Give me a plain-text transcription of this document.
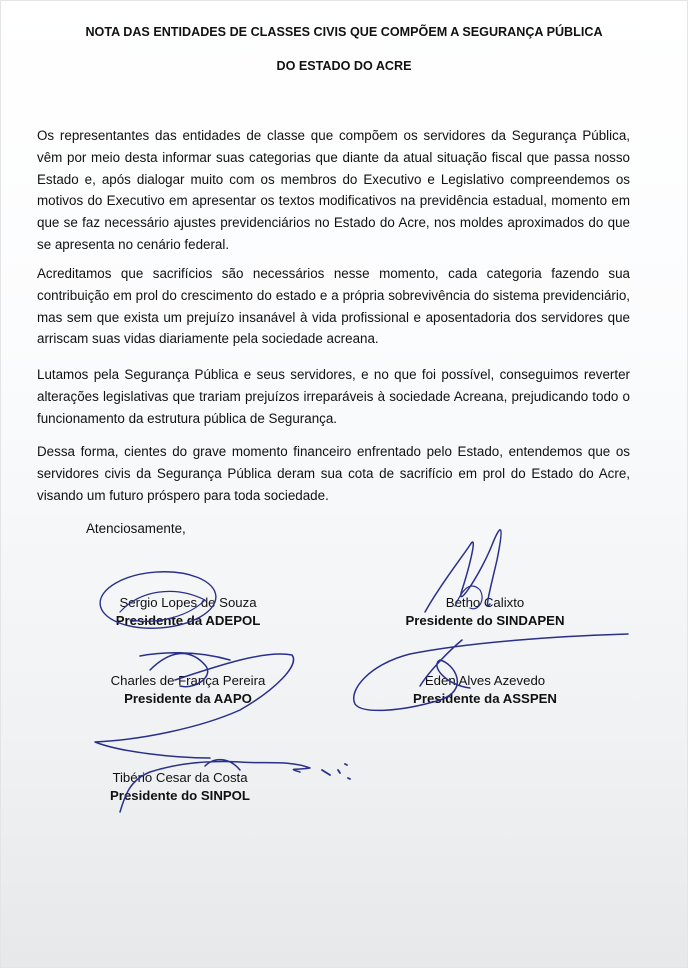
NOTA DAS ENTIDADES DE CLASSES CIVIS QUE COMPÕEM A SEGURANÇA PÚBLICA
DO ESTADO DO ACRE

Os representantes das entidades de classe que compõem os servidores da Segurança Pública, vêm por meio desta informar suas categorias que diante da atual situação fiscal que passa nosso Estado e, após dialogar muito com os membros do Executivo e Legislativo compreendemos os motivos do Executivo em apresentar os textos modificativos na previdência estadual, momento em que se faz necessário ajustes previdenciários no Estado do Acre, nos moldes aproximados do que se apresenta no cenário federal.

Acreditamos que sacrifícios são necessários nesse momento, cada categoria fazendo sua contribuição em prol do crescimento do estado e a própria sobrevivência do sistema previdenciário, mas sem que exista um prejuízo insanável à vida profissional e aposentadoria dos servidores que arriscam suas vidas diariamente pela sociedade acreana.

Lutamos pela Segurança Pública e seus servidores, e no que foi possível, conseguimos reverter alterações legislativas que trariam prejuízos irreparáveis à sociedade Acreana, prejudicando todo o funcionamento da estrutura pública de Segurança.

Dessa forma, cientes do grave momento financeiro enfrentado pelo Estado, entendemos que os servidores civis da Segurança Pública deram sua cota de sacrifício em prol do Estado do Acre, visando um futuro próspero para toda sociedade.

Atenciosamente,
Sergio Lopes de Souza
Presidente da ADEPOL
Betho Calixto
Presidente do SINDAPEN
Charles de França Pereira
Presidente da AAPO
Eden Alves Azevedo
Presidente da ASSPEN
Tibério Cesar da Costa
Presidente do SINPOL
